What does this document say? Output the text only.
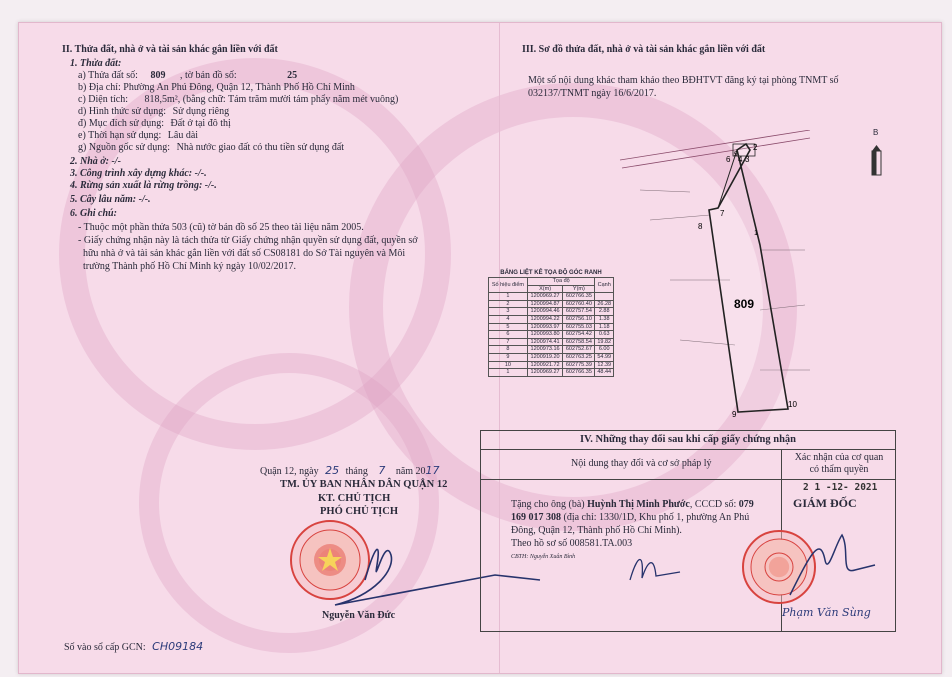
II. Thửa đất, nhà ở và tài sản khác gắn liền với đất
1. Thửa đất:
a) Thửa đất số: 809 , tờ bản đồ số:	25
b) Địa chỉ: Phường An Phú Đông, Quận 12, Thành Phố Hồ Chí Minh
c) Diện tích: 818,5m², (bằng chữ: Tám trăm mười tám phẩy năm mét vuông)
d) Hình thức sử dụng: Sử dụng riêng
đ) Mục đích sử dụng: Đất ở tại đô thị
e) Thời hạn sử dụng: Lâu dài
g) Nguồn gốc sử dụng: Nhà nước giao đất có thu tiền sử dụng đất
2. Nhà ở: -/-
3. Công trình xây dựng khác: -/-.
4. Rừng sản xuất là rừng trồng: -/-.
5. Cây lâu năm: -/-.
6. Ghi chú:
- Thuộc một phần thửa 503 (cũ) tờ bản đồ số 25 theo tài liệu năm 2005.
- Giấy chứng nhận này là tách thửa từ Giấy chứng nhận quyền sử dụng đất, quyền sở
hữu nhà ở và tài sản khác gắn liền với đất số CS08181 do Sở Tài nguyên và Môi
trường Thành phố Hồ Chí Minh ký ngày 10/02/2017.
Quận 12, ngày 25 tháng 7 năm 2017
TM. ỦY BAN NHÂN DÂN QUẬN 12
KT. CHỦ TỊCH
PHÓ CHỦ TỊCH
Nguyễn Văn Đức
Số vào sổ cấp GCN: CH09184
III. Sơ đồ thửa đất, nhà ở và tài sản khác gắn liền với đất
Một số nội dung khác tham khảo theo BĐHTVT đăng ký tại phòng TNMT số
032137/TNMT ngày 16/6/2017.
B
1
2
3
4
5
6
7
8
9
10
809
BẢNG LIỆT KÊ TỌA ĐỘ GÓC RANH
Số hiệu điểm	Tọa độ		Cạnh
	X(m)	Y(m)	
1	1200969.27	602766.35	
2	1200994.87	602760.40	26.28
3	1200994.46	602757.54	2.88
4	1200994.22	602756.10	1.38
5	1200993.97	602755.03	1.18
6	1200993.80	602754.42	0.63
7	1200974.41	602758.54	19.82
8	1200973.16	602752.67	6.00
9	1200919.20	602763.25	54.99
10	1200921.72	602775.39	12.39
1	1200969.27	602766.35	48.44
IV. Những thay đổi sau khi cấp giấy chứng nhận
Nội dung thay đổi và cơ sở pháp lý
Xác nhận của cơ quan
có thẩm quyền
Tặng cho ông (bà) Huỳnh Thị Minh Phước, CCCD số: 079
169 017 308 (địa chỉ: 1330/1D, Khu phố 1, phường An Phú
Đông, Quận 12, Thành phố Hồ Chí Minh).
Theo hồ sơ số 008581.TA.003
CBTH: Nguyễn Xuân Bình
2 1 -12- 2021
GIÁM ĐỐC
Phạm Văn Sùng
